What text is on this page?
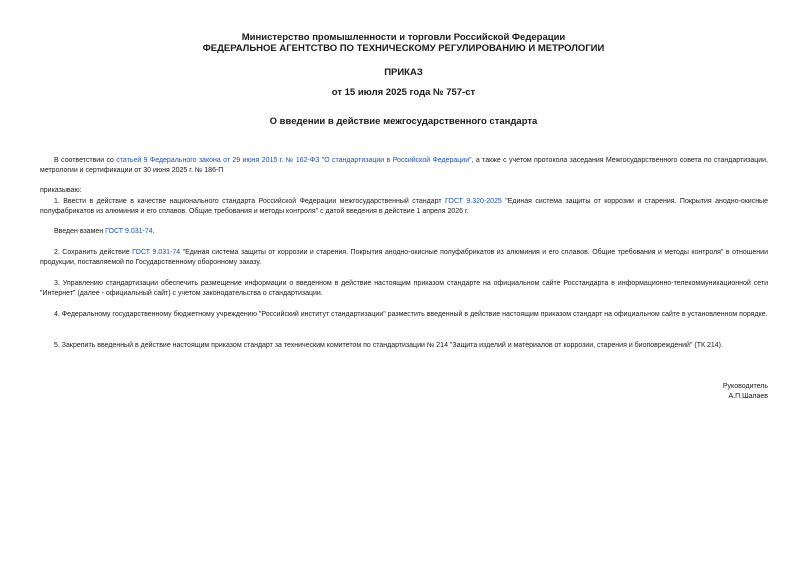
Министерство промышленности и торговли Российской Федерации
ФЕДЕРАЛЬНОЕ АГЕНТСТВО ПО ТЕХНИЧЕСКОМУ РЕГУЛИРОВАНИЮ И МЕТРОЛОГИИ
ПРИКАЗ
от 15 июля 2025 года № 757-ст
О введении в действие межгосударственного стандарта

В соответствии со статьей 9 Федерального закона от 29 июня 2015 г. № 162-ФЗ "О стандартизации в Российской Федерации", а также с учетом протокола заседания Межгосударственного совета по стандартизации, метрологии и сертификации от 30 июня 2025 г. № 186-П

приказываю:

1. Ввести в действие в качестве национального стандарта Российской Федерации межгосударственный стандарт ГОСТ 9.320-2025 "Единая система защиты от коррозии и старения. Покрытия анодно-окисные полуфабрикатов из алюминия и его сплавов. Общие требования и методы контроля" с датой введения в действие 1 апреля 2026 г.

Введен взамен ГОСТ 9.031-74.

2. Сохранить действие ГОСТ 9.031-74 "Единая система защиты от коррозии и старения. Покрытия анодно-окисные полуфабрикатов из алюминия и его сплавов. Общие требования и методы контроля" в отношении продукции, поставляемой по Государственному оборонному заказу.

3. Управлению стандартизации обеспечить размещение информации о введенном в действие настоящим приказом стандарте на официальном сайте Росстандарта в информационно-телекоммуникационной сети "Интернет" (далее - официальный сайт) с учетом законодательства о стандартизации.

4. Федеральному государственному бюджетному учреждению "Российский институт стандартизации" разместить введенный в действие настоящим приказом стандарт на официальном сайте в установленном порядке.

5. Закрепить введенный в действие настоящим приказом стандарт за техническим комитетом по стандартизации № 214 "Защита изделий и материалов от коррозии, старения и биоповреждений" (ТК 214).

Руководитель
А.П.Шалаев
